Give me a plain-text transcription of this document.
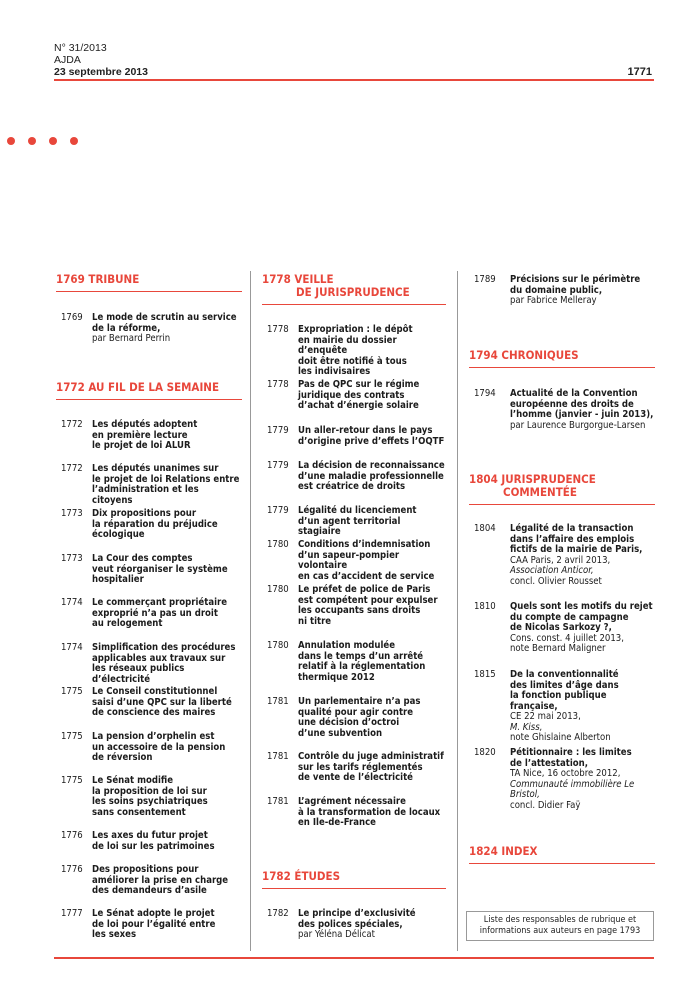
N° 31/2013
AJDA
23 septembre 2013	1771
1769 TRIBUNE
1769 Le mode de scrutin au service
de la réforme,
par Bernard Perrin
1772 AU FIL DE LA SEMAINE
1772 Les députés adoptent
en première lecture
le projet de loi ALUR
1772 Les députés unanimes sur
le projet de loi Relations entre
l’administration et les citoyens
1773 Dix propositions pour
la réparation du préjudice
écologique
1773 La Cour des comptes
veut réorganiser le système
hospitalier
1774 Le commerçant propriétaire
exproprié n’a pas un droit
au relogement
1774 Simplification des procédures
applicables aux travaux sur
les réseaux publics d’électricité
1775 Le Conseil constitutionnel
saisi d’une QPC sur la liberté
de conscience des maires
1775 La pension d’orphelin est
un accessoire de la pension
de réversion
1775 Le Sénat modifie
la proposition de loi sur
les soins psychiatriques
sans consentement
1776 Les axes du futur projet
de loi sur les patrimoines
1776 Des propositions pour
améliorer la prise en charge
des demandeurs d’asile
1777 Le Sénat adopte le projet
de loi pour l’égalité entre
les sexes
1778 VEILLE
DE JURISPRUDENCE
1778 Expropriation : le dépôt
en mairie du dossier d’enquête
doit être notifié à tous
les indivisaires
1778 Pas de QPC sur le régime
juridique des contrats
d’achat d’énergie solaire
1779 Un aller-retour dans le pays
d’origine prive d’effets l’OQTF
1779 La décision de reconnaissance
d’une maladie professionnelle
est créatrice de droits
1779 Légalité du licenciement
d’un agent territorial stagiaire
1780 Conditions d’indemnisation
d’un sapeur-pompier volontaire
en cas d’accident de service
1780 Le préfet de police de Paris
est compétent pour expulser
les occupants sans droits
ni titre
1780 Annulation modulée
dans le temps d’un arrêté
relatif à la réglementation
thermique 2012
1781 Un parlementaire n’a pas
qualité pour agir contre
une décision d’octroi
d’une subvention
1781 Contrôle du juge administratif
sur les tarifs réglementés
de vente de l’électricité
1781 L’agrément nécessaire
à la transformation de locaux
en Ile-de-France
1782 ÉTUDES
1782 Le principe d’exclusivité
des polices spéciales,
par Yéléna Délicat
1789 Précisions sur le périmètre
du domaine public,
par Fabrice Melleray
1794 CHRONIQUES
1794 Actualité de la Convention
européenne des droits de
l’homme (janvier - juin 2013),
par Laurence Burgorgue-Larsen
1804 JURISPRUDENCE
COMMENTÉE
1804 Légalité de la transaction
dans l’affaire des emplois
fictifs de la mairie de Paris,
CAA Paris, 2 avril 2013,
Association Anticor,
concl. Olivier Rousset
1810 Quels sont les motifs du rejet
du compte de campagne
de Nicolas Sarkozy ?,
Cons. const. 4 juillet 2013,
note Bernard Maligner
1815 De la conventionnalité
des limites d’âge dans
la fonction publique française,
CE 22 mai 2013,
M. Kiss,
note Ghislaine Alberton
1820 Pétitionnaire : les limites
de l’attestation,
TA Nice, 16 octobre 2012,
Communauté immobilière Le Bristol,
concl. Didier Faÿ
1824 INDEX
Liste des responsables de rubrique et
informations aux auteurs en page 1793
